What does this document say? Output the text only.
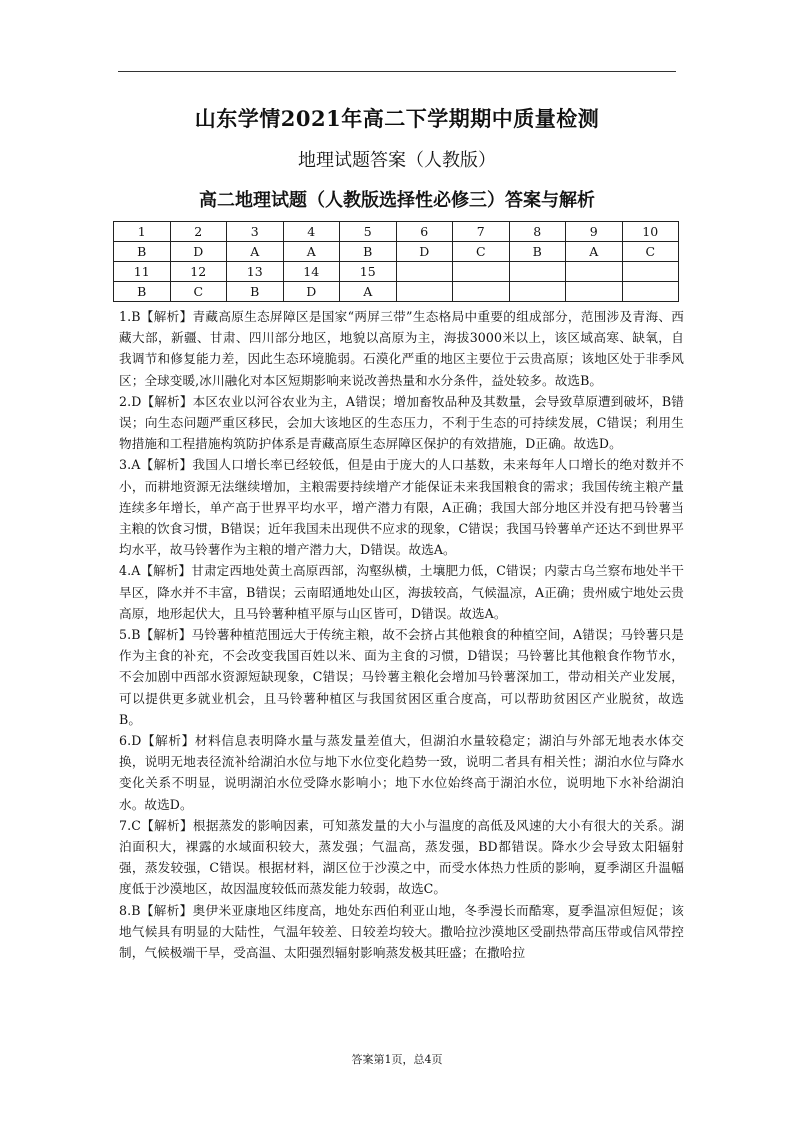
山东学情2021年高二下学期期中质量检测
地理试题答案（人教版）
高二地理试题（人教版选择性必修三）答案与解析
1	2	3	4	5	6	7	8	9	10
B	D	A	A	B	D	C	B	A	C
11	12	13	14	15					
B	C	B	D	A					

1.B【解析】青藏高原生态屏障区是国家“两屏三带”生态格局中重要的组成部分，范围涉及青海、西藏大部，新疆、甘肃、四川部分地区，地貌以高原为主，海拔3000米以上，该区域高寒、缺氧，自我调节和修复能力差，因此生态环境脆弱。石漠化严重的地区主要位于云贵高原；该地区处于非季风区；全球变暖,冰川融化对本区短期影响来说改善热量和水分条件，益处较多。故选B。

2.D【解析】本区农业以河谷农业为主，A错误；增加畜牧品种及其数量，会导致草原遭到破坏，B错误；向生态问题严重区移民，会加大该地区的生态压力，不利于生态的可持续发展，C错误；利用生物措施和工程措施构筑防护体系是青藏高原生态屏障区保护的有效措施，D正确。故选D。

3.A【解析】我国人口增长率已经较低，但是由于庞大的人口基数，未来每年人口增长的绝对数并不小，而耕地资源无法继续增加，主粮需要持续增产才能保证未来我国粮食的需求；我国传统主粮产量连续多年增长，单产高于世界平均水平，增产潜力有限，A正确；我国大部分地区并没有把马铃薯当主粮的饮食习惯，B错误；近年我国未出现供不应求的现象，C错误；我国马铃薯单产还达不到世界平均水平，故马铃薯作为主粮的增产潜力大，D错误。故选A。

4.A【解析】甘肃定西地处黄土高原西部，沟壑纵横，土壤肥力低，C错误；内蒙古乌兰察布地处半干旱区，降水并不丰富，B错误；云南昭通地处山区，海拔较高，气候温凉，A正确；贵州威宁地处云贵高原，地形起伏大，且马铃薯种植平原与山区皆可，D错误。故选A。

5.B【解析】马铃薯种植范围远大于传统主粮，故不会挤占其他粮食的种植空间，A错误；马铃薯只是作为主食的补充，不会改变我国百姓以米、面为主食的习惯，D错误；马铃薯比其他粮食作物节水，不会加剧中西部水资源短缺现象，C错误；马铃薯主粮化会增加马铃薯深加工，带动相关产业发展，可以提供更多就业机会，且马铃薯种植区与我国贫困区重合度高，可以帮助贫困区产业脱贫，故选B。

6.D【解析】材料信息表明降水量与蒸发量差值大，但湖泊水量较稳定；湖泊与外部无地表水体交换，说明无地表径流补给湖泊水位与地下水位变化趋势一致，说明二者具有相关性；湖泊水位与降水变化关系不明显，说明湖泊水位受降水影响小；地下水位始终高于湖泊水位，说明地下水补给湖泊水。故选D。

7.C【解析】根据蒸发的影响因素，可知蒸发量的大小与温度的高低及风速的大小有很大的关系。湖泊面积大，裸露的水域面积较大，蒸发强；气温高，蒸发强，BD都错误。降水少会导致太阳辐射强，蒸发较强，C错误。根据材料，湖区位于沙漠之中，而受水体热力性质的影响，夏季湖区升温幅度低于沙漠地区，故因温度较低而蒸发能力较弱，故选C。

8.B【解析】奥伊米亚康地区纬度高，地处东西伯利亚山地，冬季漫长而酷寒，夏季温凉但短促；该地气候具有明显的大陆性，气温年较差、日较差均较大。撒哈拉沙漠地区受副热带高压带或信风带控制，气候极端干旱，受高温、太阳强烈辐射影响蒸发极其旺盛；在撒哈拉

答案第1页，总4页
